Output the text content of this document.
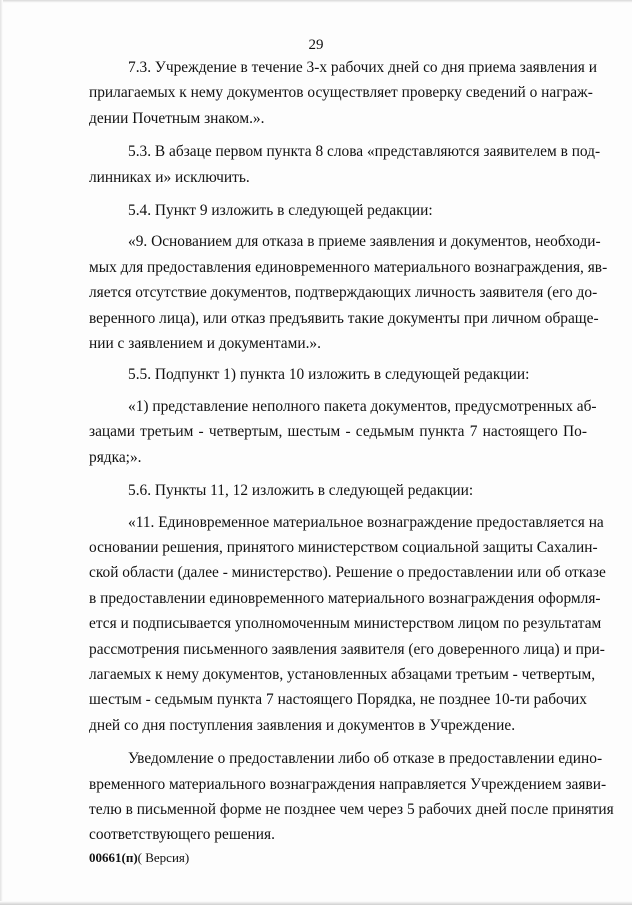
29
7.3. Учреждение в течение 3-х рабочих дней со дня приема заявления и
прилагаемых к нему документов осуществляет проверку сведений о награж-
дении Почетным знаком.».
5.3. В абзаце первом пункта 8 слова «представляются заявителем в под-
линниках и» исключить.
5.4. Пункт 9 изложить в следующей редакции:
«9. Основанием для отказа в приеме заявления и документов, необходи-
мых для предоставления единовременного материального вознаграждения, яв-
ляется отсутствие документов, подтверждающих личность заявителя (его до-
веренного лица), или отказ предъявить такие документы при личном обраще-
нии с заявлением и документами.».
5.5. Подпункт 1) пункта 10 изложить в следующей редакции:
«1) представление неполного пакета документов, предусмотренных аб-
зацами третьим - четвертым, шестым - седьмым пункта 7 настоящего По-
рядка;».
5.6. Пункты 11, 12 изложить в следующей редакции:
«11. Единовременное материальное вознаграждение предоставляется на
основании решения, принятого министерством социальной защиты Сахалин-
ской области (далее - министерство). Решение о предоставлении или об отказе
в предоставлении единовременного материального вознаграждения оформля-
ется и подписывается уполномоченным министерством лицом по результатам
рассмотрения письменного заявления заявителя (его доверенного лица) и при-
лагаемых к нему документов, установленных абзацами третьим - четвертым,
шестым - седьмым пункта 7 настоящего Порядка, не позднее 10-ти рабочих
дней со дня поступления заявления и документов в Учреждение.
Уведомление о предоставлении либо об отказе в предоставлении едино-
временного материального вознаграждения направляется Учреждением заяви-
телю в письменной форме не позднее чем через 5 рабочих дней после принятия
соответствующего решения.
00661(п)( Версия)
